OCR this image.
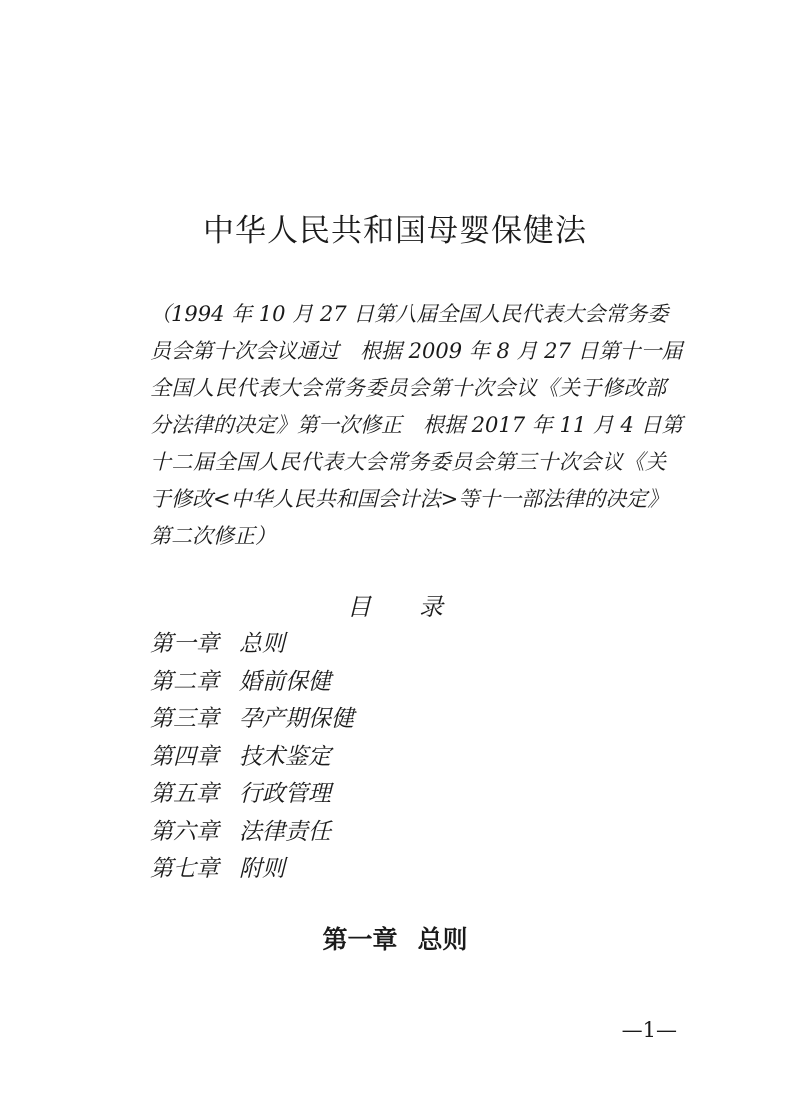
中华人民共和国母婴保健法
（1994 年 10 月 27 日第八届全国人民代表大会常务委
员会第十次会议通过　根据 2009 年 8 月 27 日第十一届
全国人民代表大会常务委员会第十次会议《关于修改部
分法律的决定》第一次修正　根据 2017 年 11 月 4 日第
十二届全国人民代表大会常务委员会第三十次会议《关
于修改<中华人民共和国会计法>等十一部法律的决定》
第二次修正）
目　　录
第一章 总则
第二章 婚前保健
第三章 孕产期保健
第四章 技术鉴定
第五章 行政管理
第六章 法律责任
第七章 附则
第一章 总则
—1—
